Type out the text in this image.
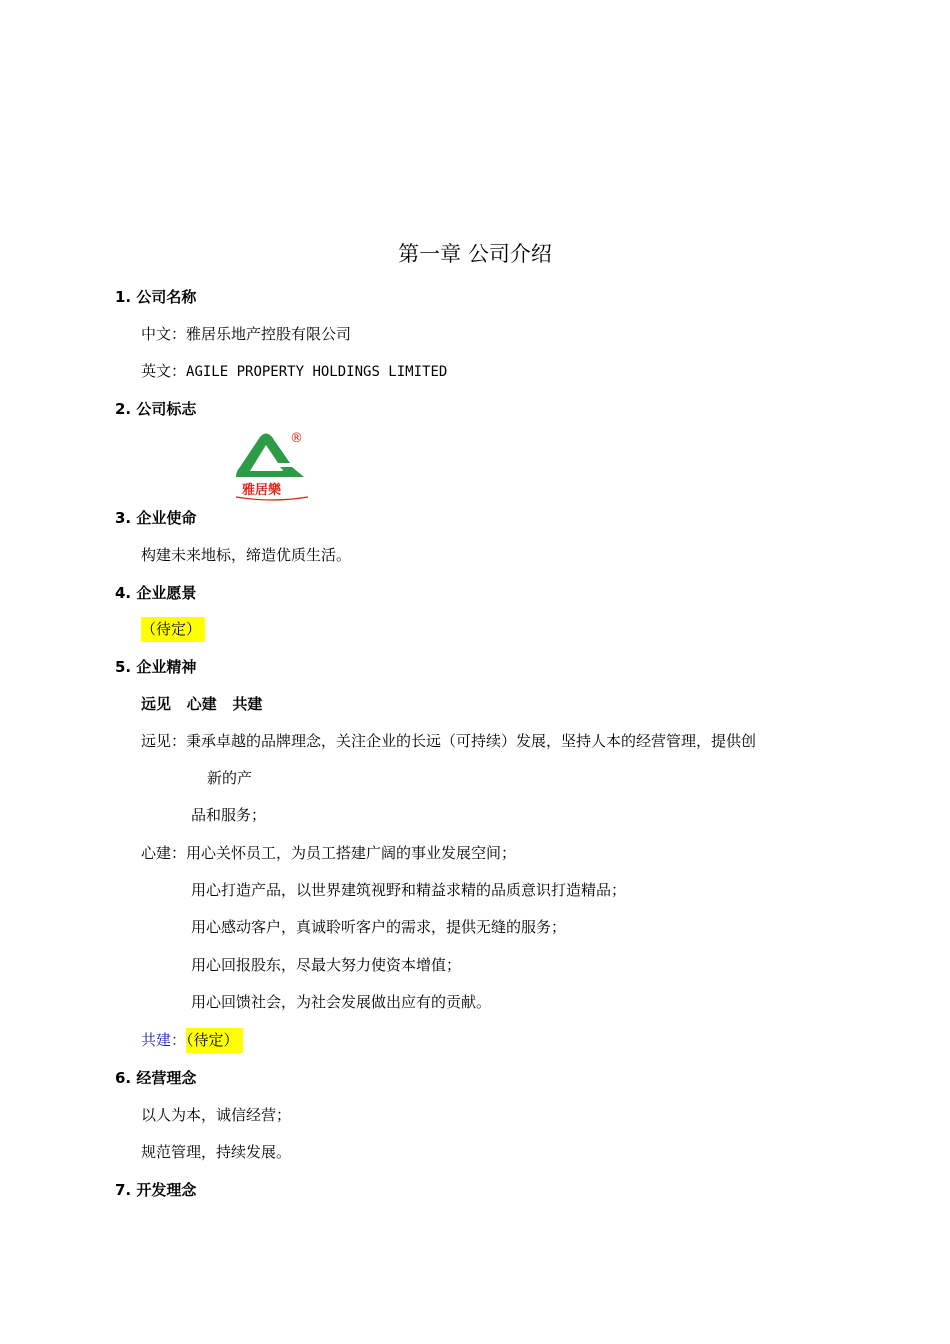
第一章 公司介绍
1. 公司名称
中文：雅居乐地产控股有限公司
英文：AGILE PROPERTY HOLDINGS LIMITED
2. 公司标志
®
雅居樂
3. 企业使命
构建未来地标，缔造优质生活。
4. 企业愿景
（待定）
5. 企业精神
远见   心建   共建
远见：秉承卓越的品牌理念，关注企业的长远（可持续）发展，坚持人本的经营管理，提供创
新的产
品和服务；
心建：用心关怀员工，为员工搭建广阔的事业发展空间；
用心打造产品，以世界建筑视野和精益求精的品质意识打造精品；
用心感动客户，真诚聆听客户的需求，提供无缝的服务；
用心回报股东，尽最大努力使资本增值；
用心回馈社会，为社会发展做出应有的贡献。
共建：（待定）
6. 经营理念
以人为本，诚信经营；
规范管理，持续发展。
7. 开发理念
